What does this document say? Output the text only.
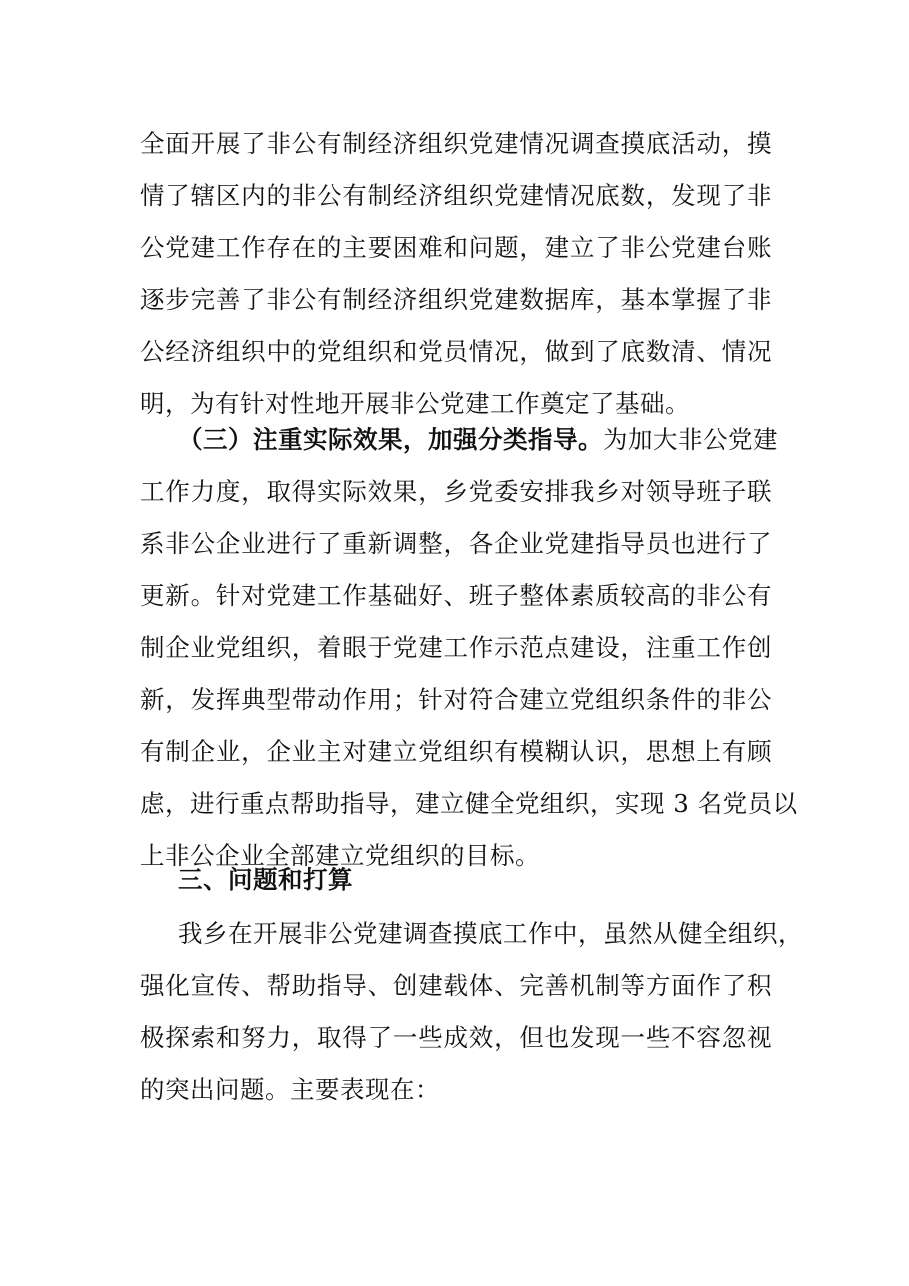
全面开展了非公有制经济组织党建情况调查摸底活动，摸
情了辖区内的非公有制经济组织党建情况底数，发现了非
公党建工作存在的主要困难和问题，建立了非公党建台账
逐步完善了非公有制经济组织党建数据库，基本掌握了非
公经济组织中的党组织和党员情况，做到了底数清、情况
明，为有针对性地开展非公党建工作奠定了基础。
（三）注重实际效果，加强分类指导。为加大非公党建
工作力度，取得实际效果，乡党委安排我乡对领导班子联
系非公企业进行了重新调整，各企业党建指导员也进行了
更新。针对党建工作基础好、班子整体素质较高的非公有
制企业党组织，着眼于党建工作示范点建设，注重工作创
新，发挥典型带动作用；针对符合建立党组织条件的非公
有制企业，企业主对建立党组织有模糊认识，思想上有顾
虑，进行重点帮助指导，建立健全党组织，实现 3 名党员以
上非公企业全部建立党组织的目标。
三、问题和打算
我乡在开展非公党建调查摸底工作中，虽然从健全组织，
强化宣传、帮助指导、创建载体、完善机制等方面作了积
极探索和努力，取得了一些成效，但也发现一些不容忽视
的突出问题。主要表现在：
